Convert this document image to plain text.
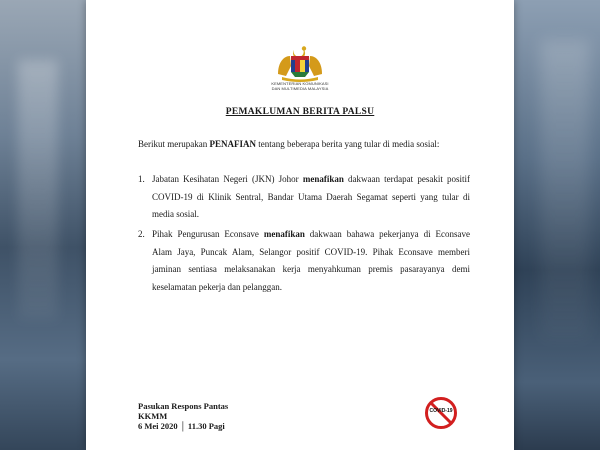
KEMENTERIAN KOMUNIKASI
DAN MULTIMEDIA MALAYSIA
PEMAKLUMAN BERITA PALSU
Berikut merupakan PENAFIAN tentang beberapa berita yang tular di media sosial:
1. Jabatan Kesihatan Negeri (JKN) Johor menafikan dakwaan terdapat pesakit positif COVID-19 di Klinik Sentral, Bandar Utama Daerah Segamat seperti yang tular di media sosial.
2. Pihak Pengurusan Econsave menafikan dakwaan bahawa pekerjanya di Econsave Alam Jaya, Puncak Alam, Selangor positif COVID-19. Pihak Econsave memberi jaminan sentiasa melaksanakan kerja menyahkuman premis pasarayanya demi keselamatan pekerja dan pelanggan.
Pasukan Respons Pantas
KKMM
6 Mei 2020 │ 11.30 Pagi
COVID-19
